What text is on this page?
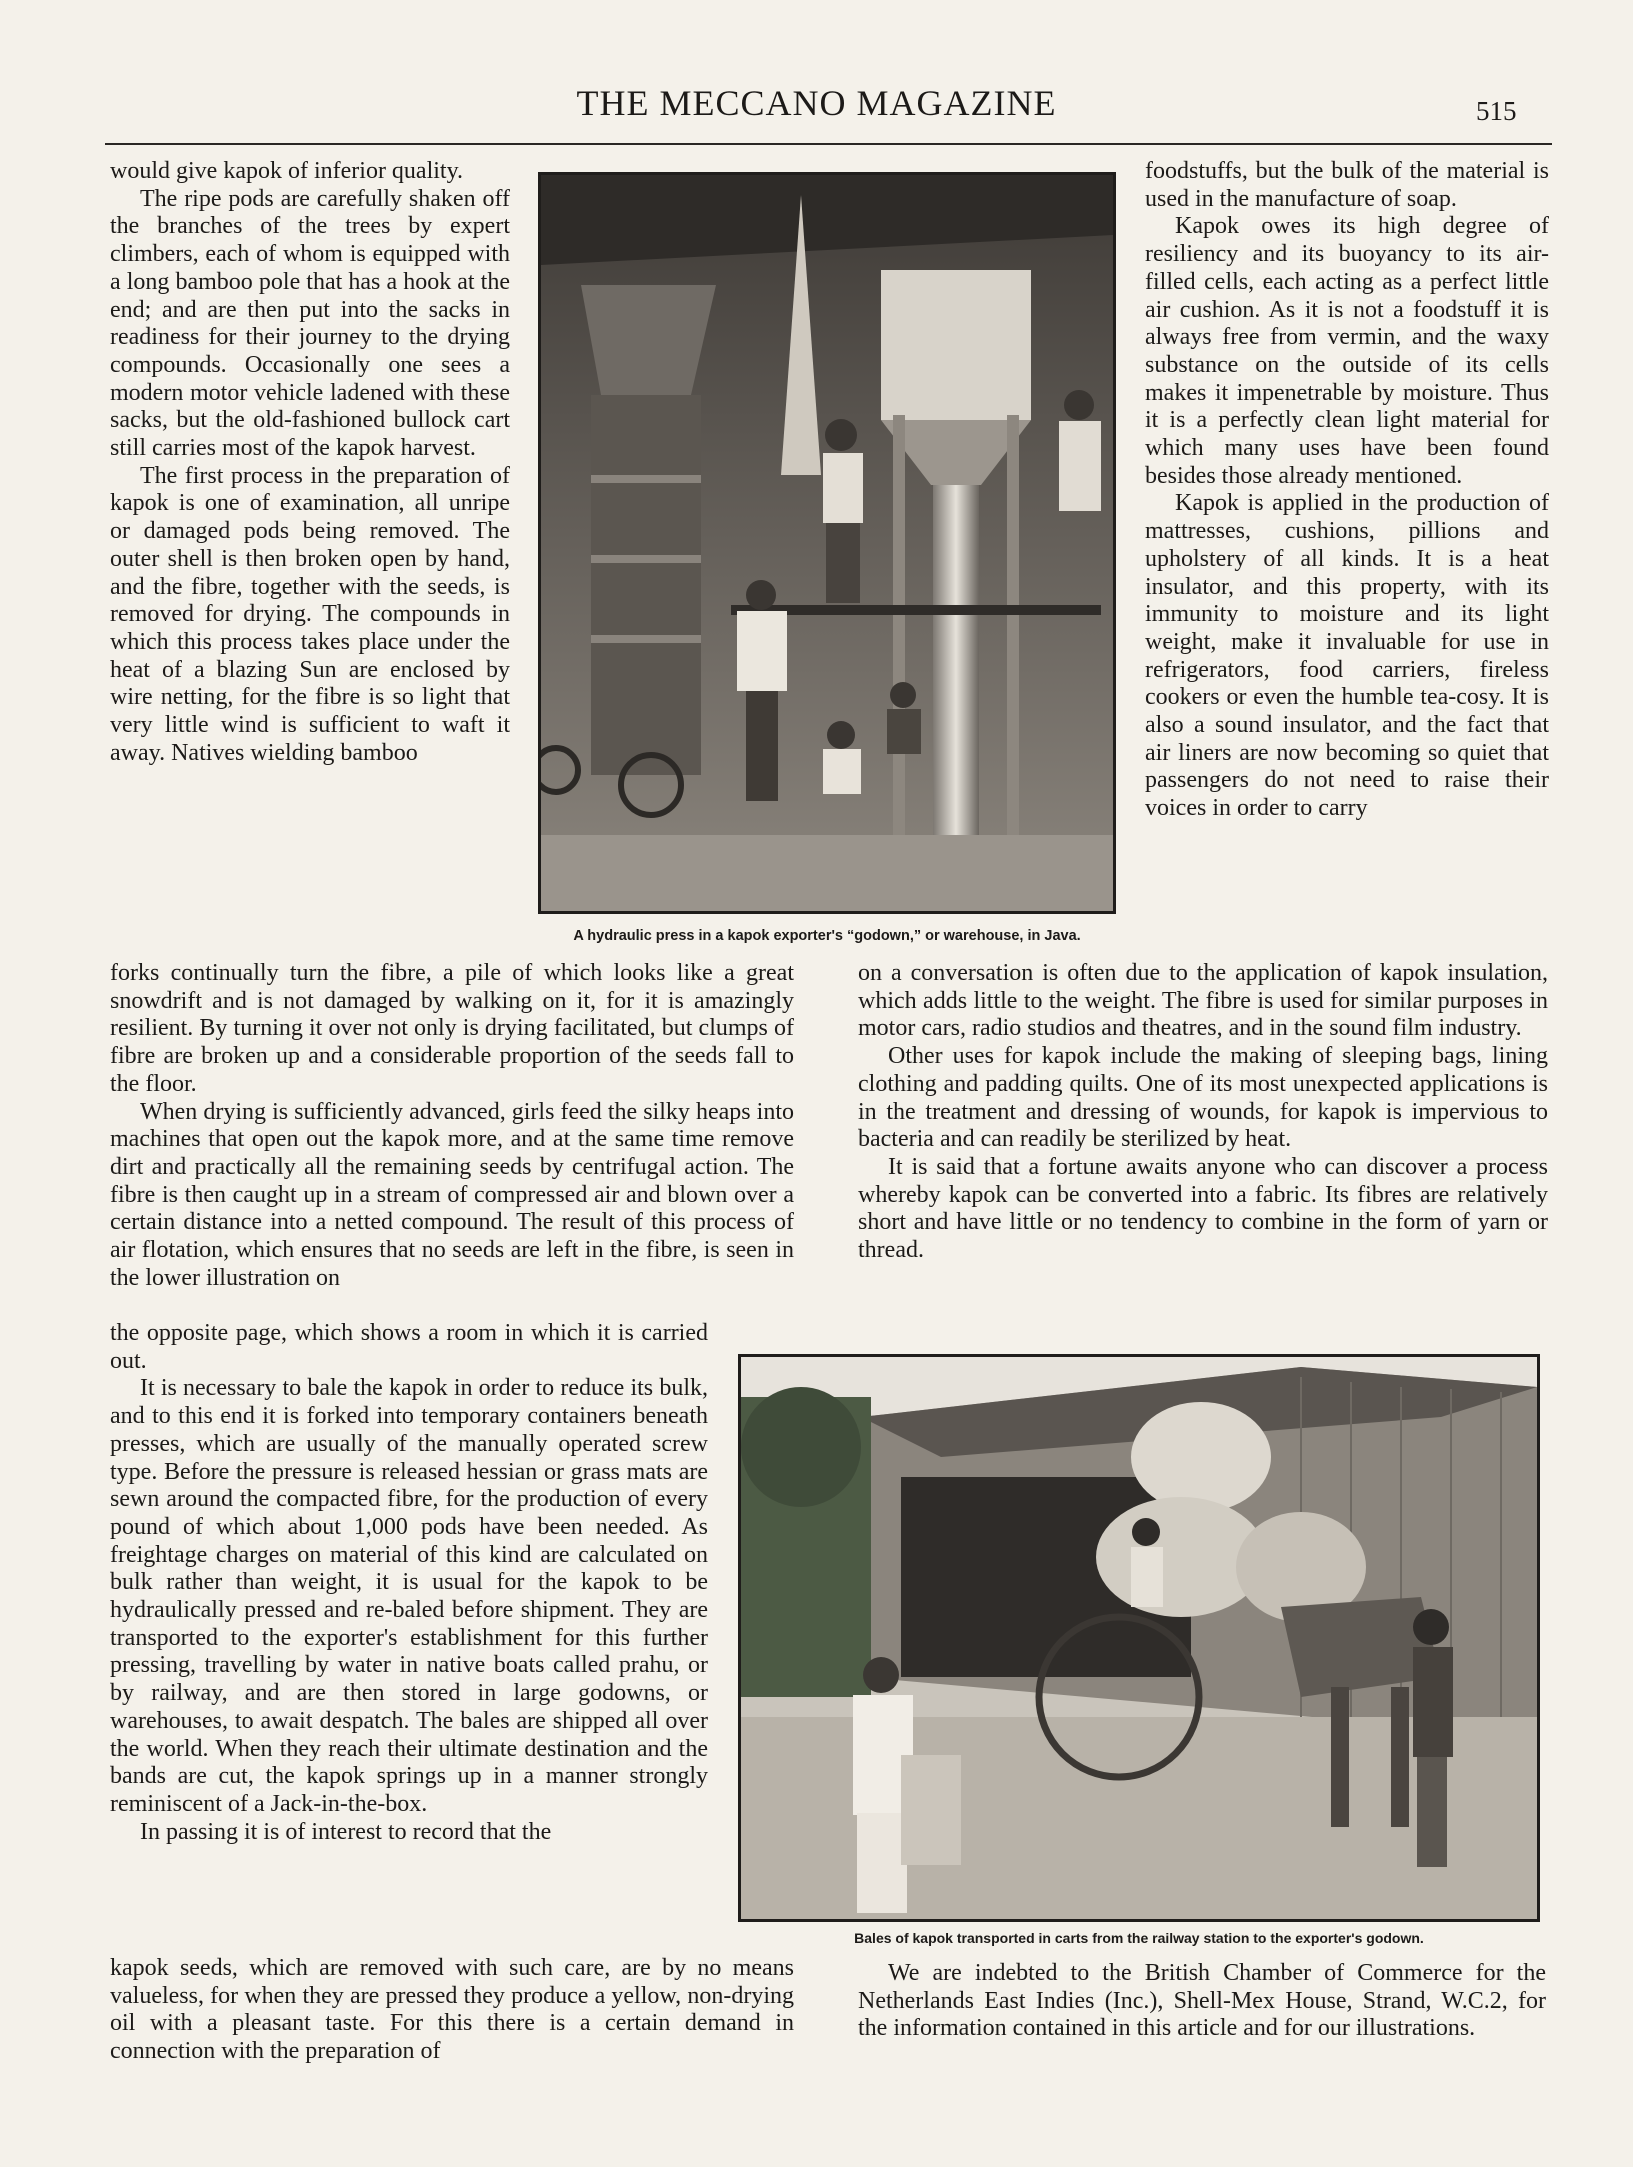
THE MECCANO MAGAZINE	515

would give kapok of inferior quality.

The ripe pods are carefully shaken off the branches of the trees by expert climbers, each of whom is equipped with a long bamboo pole that has a hook at the end; and are then put into the sacks in readiness for their journey to the drying compounds. Occasionally one sees a modern motor vehicle ladened with these sacks, but the old-fashioned bullock cart still carries most of the kapok harvest.

The first process in the preparation of kapok is one of examination, all unripe or damaged pods being removed. The outer shell is then broken open by hand, and the fibre, together with the seeds, is removed for drying. The compounds in which this process takes place under the heat of a blazing Sun are enclosed by wire netting, for the fibre is so light that very little wind is sufficient to waft it away. Natives wielding bamboo

A hydraulic press in a kapok exporter's “godown,” or warehouse, in Java.

foodstuffs, but the bulk of the material is used in the manufacture of soap.

Kapok owes its high degree of resiliency and its buoyancy to its air-filled cells, each acting as a perfect little air cushion. As it is not a foodstuff it is always free from vermin, and the waxy substance on the outside of its cells makes it impenetrable by moisture. Thus it is a perfectly clean light material for which many uses have been found besides those already mentioned.

Kapok is applied in the production of mattresses, cushions, pillions and upholstery of all kinds. It is a heat insulator, and this property, with its immunity to moisture and its light weight, make it invaluable for use in refrigerators, food carriers, fireless cookers or even the humble tea-cosy. It is also a sound insulator, and the fact that air liners are now becoming so quiet that passengers do not need to raise their voices in order to carry

forks continually turn the fibre, a pile of which looks like a great snowdrift and is not damaged by walking on it, for it is amazingly resilient. By turning it over not only is drying facilitated, but clumps of fibre are broken up and a considerable proportion of the seeds fall to the floor.

When drying is sufficiently advanced, girls feed the silky heaps into machines that open out the kapok more, and at the same time remove dirt and practically all the remaining seeds by centrifugal action. The fibre is then caught up in a stream of compressed air and blown over a certain distance into a netted compound. The result of this process of air flotation, which ensures that no seeds are left in the fibre, is seen in the lower illustration on

on a conversation is often due to the application of kapok insulation, which adds little to the weight. The fibre is used for similar purposes in motor cars, radio studios and theatres, and in the sound film industry.

Other uses for kapok include the making of sleeping bags, lining clothing and padding quilts. One of its most unexpected applications is in the treatment and dressing of wounds, for kapok is impervious to bacteria and can readily be sterilized by heat.

It is said that a fortune awaits anyone who can discover a process whereby kapok can be converted into a fabric. Its fibres are relatively short and have little or no tendency to combine in the form of yarn or thread.

the opposite page, which shows a room in which it is carried out.

It is necessary to bale the kapok in order to reduce its bulk, and to this end it is forked into temporary containers beneath presses, which are usually of the manually operated screw type. Before the pressure is released hessian or grass mats are sewn around the compacted fibre, for the production of every pound of which about 1,000 pods have been needed. As freightage charges on material of this kind are calculated on bulk rather than weight, it is usual for the kapok to be hydraulically pressed and re-baled before shipment. They are transported to the exporter's establishment for this further pressing, travelling by water in native boats called prahu, or by railway, and are then stored in large godowns, or warehouses, to await despatch. The bales are shipped all over the world. When they reach their ultimate destination and the bands are cut, the kapok springs up in a manner strongly reminiscent of a Jack-in-the-box.

In passing it is of interest to record that the

Bales of kapok transported in carts from the railway station to the exporter's godown.

kapok seeds, which are removed with such care, are by no means valueless, for when they are pressed they produce a yellow, non-drying oil with a pleasant taste. For this there is a certain demand in connection with the preparation of

We are indebted to the British Chamber of Commerce for the Netherlands East Indies (Inc.), Shell-Mex House, Strand, W.C.2, for the information contained in this article and for our illustrations.
